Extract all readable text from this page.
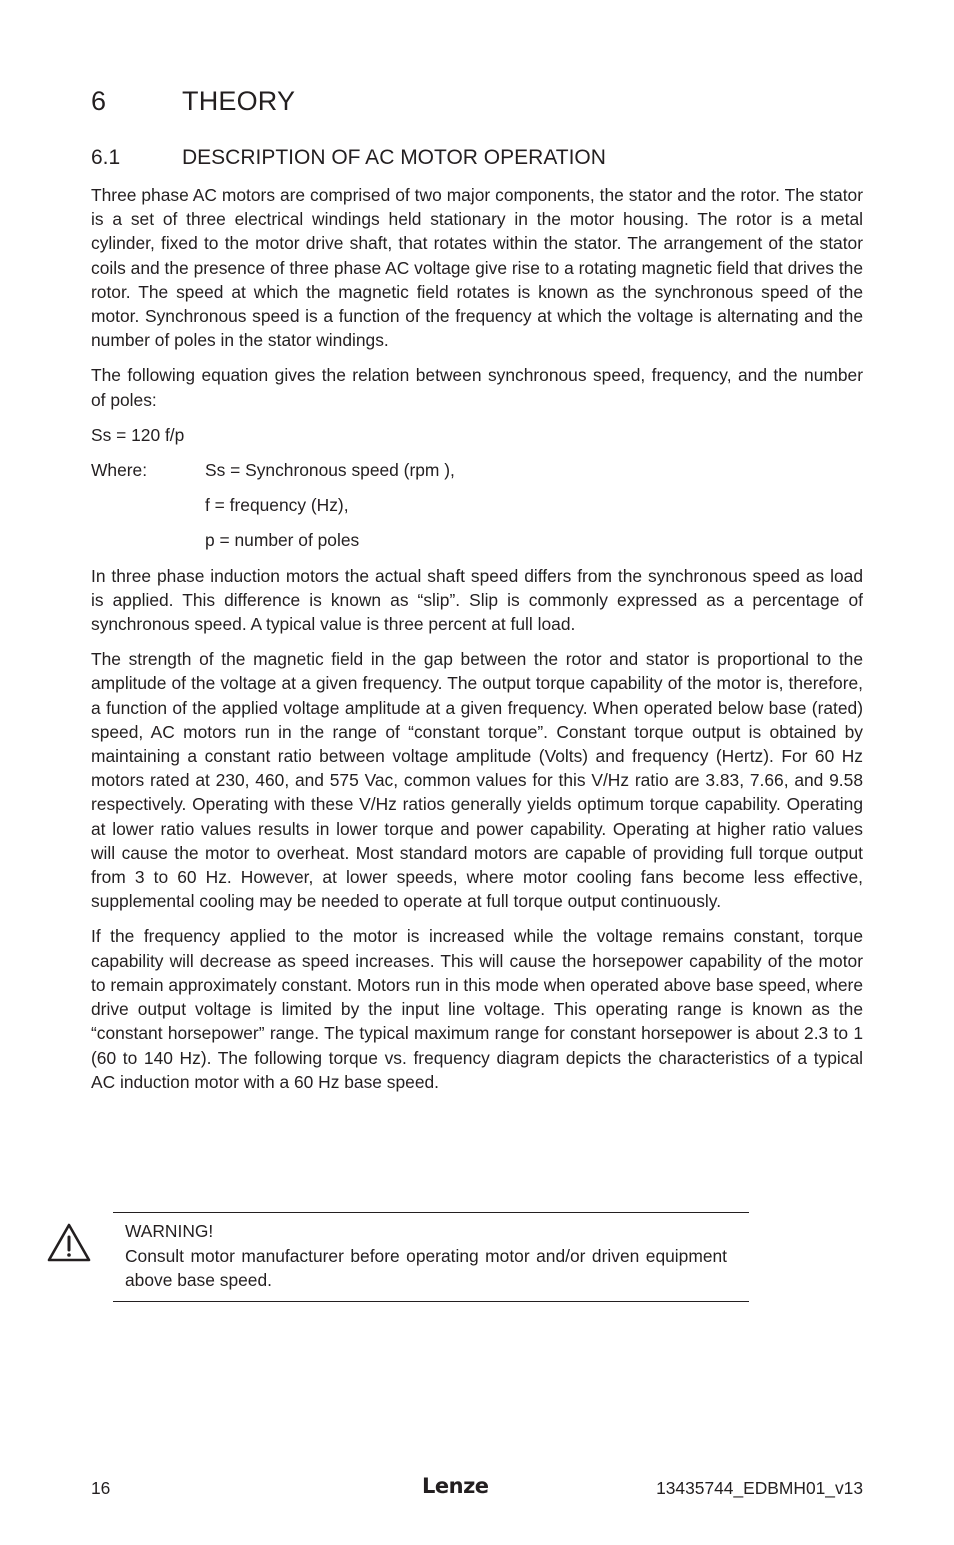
6	THEORY
6.1	DESCRIPTION OF AC MOTOR OPERATION

Three phase AC motors are comprised of two major components, the stator and the rotor. The stator is a set of three electrical windings held stationary in the motor housing. The rotor is a metal cylinder, fixed to the motor drive shaft, that rotates within the stator. The arrangement of the stator coils and the presence of three phase AC voltage give rise to a rotating magnetic field that drives the rotor. The speed at which the magnetic field rotates is known as the synchronous speed of the motor. Synchronous speed is a function of the frequency at which the voltage is alternating and the number of poles in the stator windings.

The following equation gives the relation between synchronous speed, frequency, and the number of poles:

Ss = 120 f/p
Where:	Ss = Synchronous speed (rpm ),
f = frequency (Hz),
p = number of poles

In three phase induction motors the actual shaft speed differs from the synchronous speed as load is applied. This difference is known as “slip”. Slip is commonly expressed as a percentage of synchronous speed. A typical value is three percent at full load.

The strength of the magnetic field in the gap between the rotor and stator is proportional to the amplitude of the voltage at a given frequency. The output torque capability of the motor is, therefore, a function of the applied voltage amplitude at a given frequency. When operated below base (rated) speed, AC motors run in the range of “constant torque”. Constant torque output is obtained by maintaining a constant ratio between voltage amplitude (Volts) and frequency (Hertz). For 60 Hz motors rated at 230, 460, and 575 Vac, common values for this V/Hz ratio are 3.83, 7.66, and 9.58 respectively. Operating with these V/Hz ratios generally yields optimum torque capability. Operating at lower ratio values results in lower torque and power capability. Operating at higher ratio values will cause the motor to overheat. Most standard motors are capable of providing full torque output from 3 to 60 Hz. However, at lower speeds, where motor cooling fans become less effective, supplemental cooling may be needed to operate at full torque output continuously.

If the frequency applied to the motor is increased while the voltage remains constant, torque capability will decrease as speed increases. This will cause the horsepower capability of the motor to remain approximately constant. Motors run in this mode when operated above base speed, where drive output voltage is limited by the input line voltage. This operating range is known as the “constant horsepower” range. The typical maximum range for constant horsepower is about 2.3 to 1 (60 to 140 Hz). The following torque vs. frequency diagram depicts the characteristics of a typical AC induction motor with a 60 Hz base speed.

WARNING!
Consult motor manufacturer before operating motor and/or driven equipment above base speed.
16	Lenze	13435744_EDBMH01_v13
